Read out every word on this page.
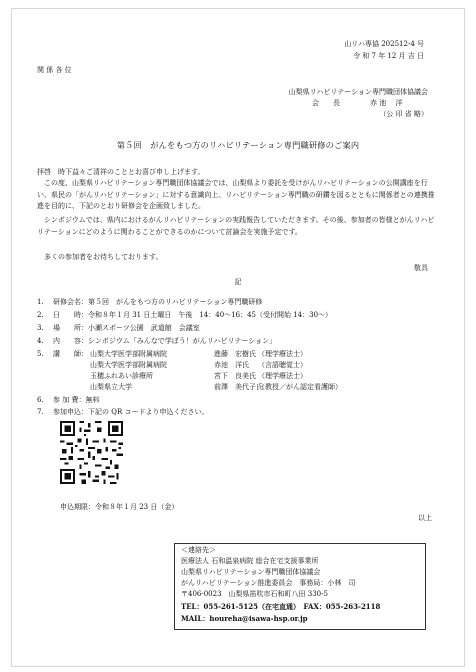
山リハ専協 202512-4 号
令 和 7 年 12 月 吉 日
関 係 各 位
山梨県リハビリテーション専門職団体協議会
会　　長	赤 池 　洋
（公 印 省 略）
第５回　がんをもつ方のリハビリテーション専門職研修のご案内
拝啓　時下益々ご清祥のこととお喜び申し上げます。
この度、山梨県リハビリテーション専門職団体協議会では、山梨県より委託を受けがんリハビリテーションの公開講座を行い、県民の「がんリハビリテーション」に対する意識向上、リハビリテーション専門職の研鑽を図るとともに関係者との連携推進を目的に、下記のとおり研修会を企画致しました。
シンポジウムでは、県内におけるがんリハビリテーションの実践報告していただきます。その後、参加者の皆様とがんリハビリテーションにどのように関わることができるのかについて討論会を実施予定です。
多くの参加者をお待ちしております。
敬具
記
1. 研修会名：第５回　がんをもつ方のリハビリテーション専門職研修
2. 日　　時：令和８年１月 31 日土曜日　午後　14：40～16：45（受付開始 14：30～）
3. 場　　所：小瀬スポーツ公園　武道館　会議室
4. 内　　容：シンポジウム「みんなで学ぼう！がんリハビリテーション」
5. 講　　師： 山梨大学医学部附属病院	進藤　宏樹氏 （理学療法士）
山梨大学医学部附属病院	赤池　洋氏 （言語聴覚士）
玉穂ふれあい診療所	宮下　良美氏 （理学療法士）
山梨県立大学	前澤　美代子氏（教授／がん認定看護師）
6. 参 加 費：無料
7. 参加申込：下記の QR コードより申込ください。
申込期限：令和８年１月 23 日（金）
以上
＜連絡先＞
医療法人 石和温泉病院 総合在宅支援事業所
山梨県リハビリテーション専門職団体協議会
がんリハビリテーション推進委員会　事務局：小林　司
〒406-0023　山梨県笛吹市石和町八田 330-5
TEL：055-261-5125（在宅直通）　FAX：055-263-2118
MAIL：houreha@isawa-hsp.or.jp
